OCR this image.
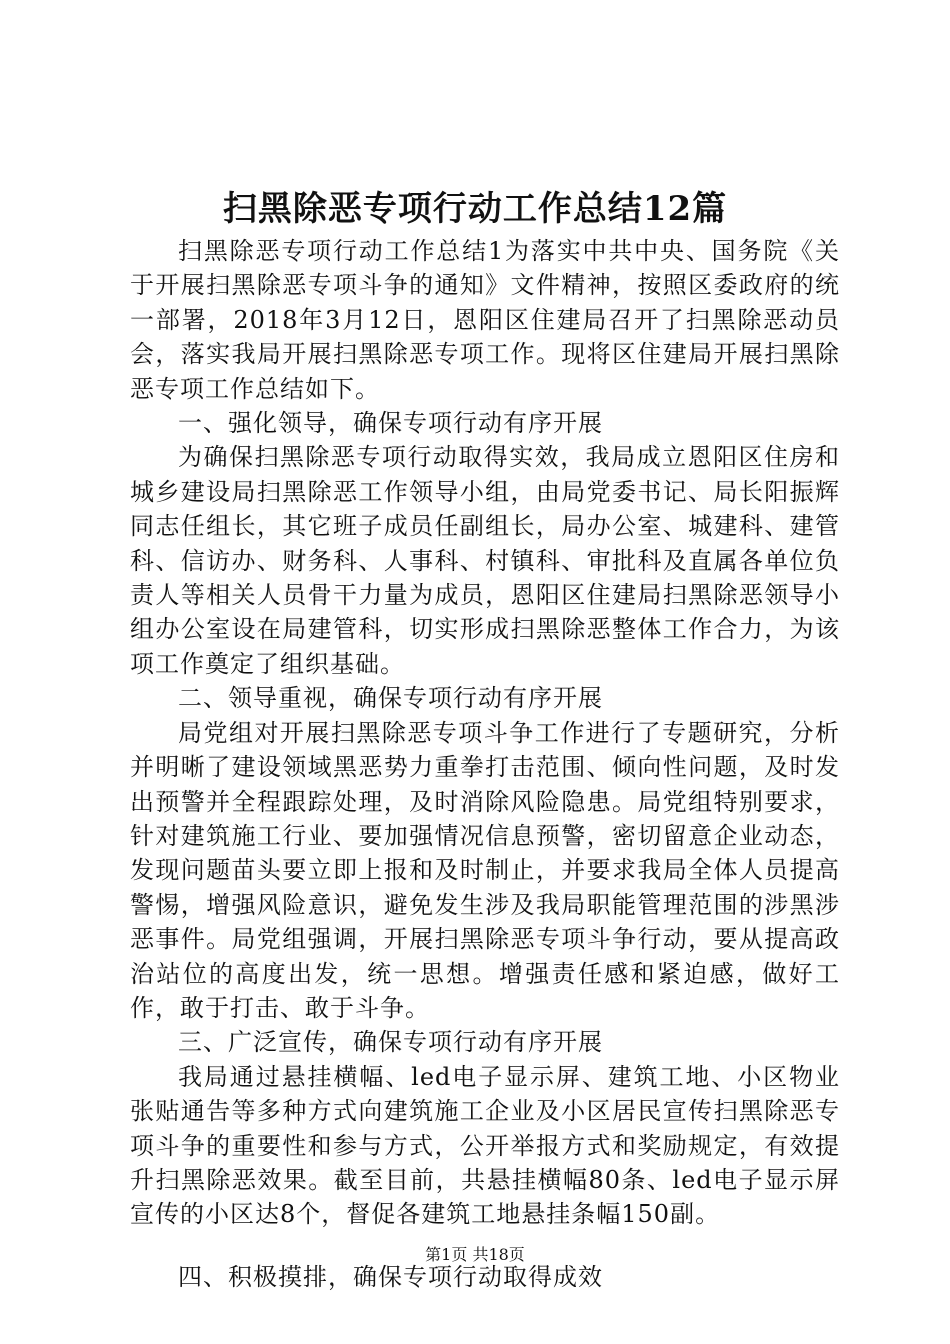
扫黑除恶专项行动工作总结12篇

扫黑除恶专项行动工作总结1为落实中共中央、国务院《关于开展扫黑除恶专项斗争的通知》文件精神，按照区委政府的统一部署，2018年3月12日，恩阳区住建局召开了扫黑除恶动员会，落实我局开展扫黑除恶专项工作。现将区住建局开展扫黑除恶专项工作总结如下。

一、强化领导，确保专项行动有序开展

为确保扫黑除恶专项行动取得实效，我局成立恩阳区住房和城乡建设局扫黑除恶工作领导小组，由局党委书记、局长阳振辉同志任组长，其它班子成员任副组长，局办公室、城建科、建管科、信访办、财务科、人事科、村镇科、审批科及直属各单位负责人等相关人员骨干力量为成员，恩阳区住建局扫黑除恶领导小组办公室设在局建管科，切实形成扫黑除恶整体工作合力，为该项工作奠定了组织基础。

二、领导重视，确保专项行动有序开展

局党组对开展扫黑除恶专项斗争工作进行了专题研究，分析并明晰了建设领域黑恶势力重拳打击范围、倾向性问题，及时发出预警并全程跟踪处理，及时消除风险隐患。局党组特别要求，针对建筑施工行业、要加强情况信息预警，密切留意企业动态，发现问题苗头要立即上报和及时制止，并要求我局全体人员提高警惕，增强风险意识，避免发生涉及我局职能管理范围的涉黑涉恶事件。局党组强调，开展扫黑除恶专项斗争行动，要从提高政治站位的高度出发，统一思想。增强责任感和紧迫感，做好工作，敢于打击、敢于斗争。

三、广泛宣传，确保专项行动有序开展

我局通过悬挂横幅、led电子显示屏、建筑工地、小区物业张贴通告等多种方式向建筑施工企业及小区居民宣传扫黑除恶专项斗争的重要性和参与方式，公开举报方式和奖励规定，有效提升扫黑除恶效果。截至目前，共悬挂横幅80条、led电子显示屏宣传的小区达8个，督促各建筑工地悬挂条幅150副。

四、积极摸排，确保专项行动取得成效

第1页 共18页
